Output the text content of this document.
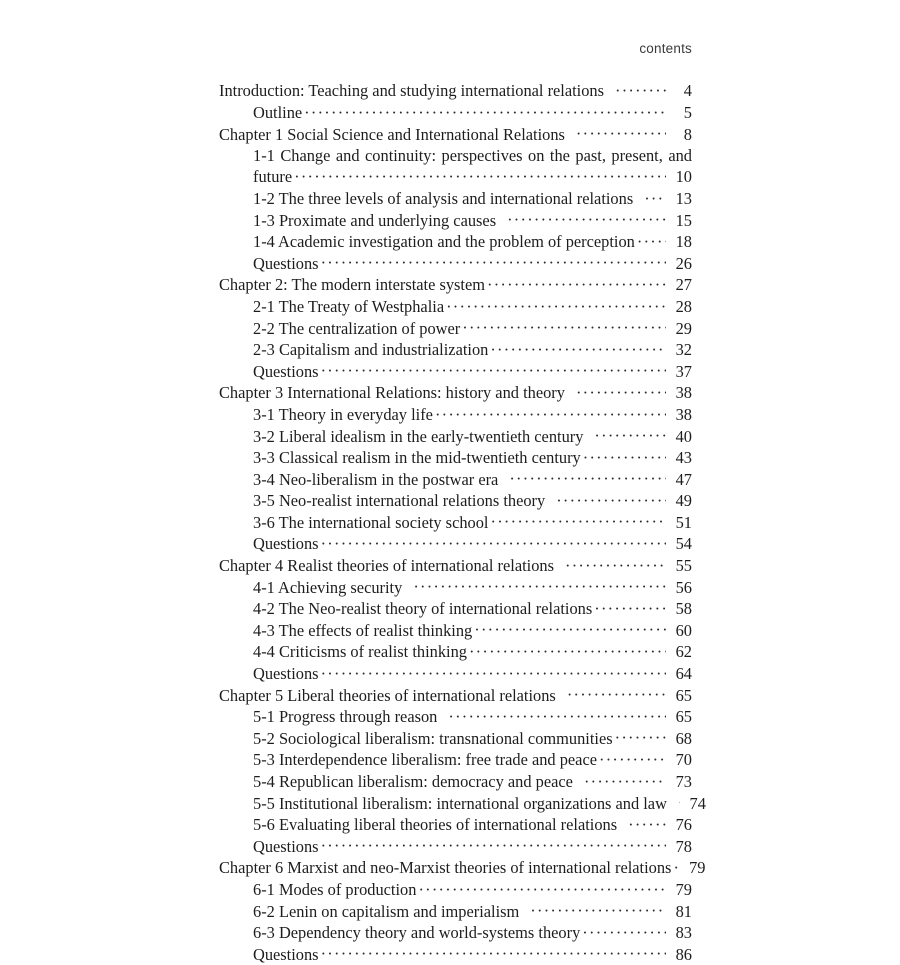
contents
Introduction: Teaching and studying international relations ·····	4
Outline ·····	5
Chapter 1 Social Science and International Relations ·····	8
1-1 Change and continuity: perspectives on the past, present, and
future ·····	10
1-2 The three levels of analysis and international relations ·····	13
1-3 Proximate and underlying causes ·····	15
1-4 Academic investigation and the problem of perception ·····	18
Questions ·····	26
Chapter 2: The modern interstate system ·····	27
2-1 The Treaty of Westphalia ·····	28
2-2 The centralization of power ·····	29
2-3 Capitalism and industrialization ·····	32
Questions ·····	37
Chapter 3 International Relations: history and theory ·····	38
3-1 Theory in everyday life ·····	38
3-2 Liberal idealism in the early-twentieth century ·····	40
3-3 Classical realism in the mid-twentieth century ·····	43
3-4 Neo-liberalism in the postwar era ·····	47
3-5 Neo-realist international relations theory ·····	49
3-6 The international society school ·····	51
Questions ·····	54
Chapter 4 Realist theories of international relations ·····	55
4-1 Achieving security ·····	56
4-2 The Neo-realist theory of international relations ·····	58
4-3 The effects of realist thinking ·····	60
4-4 Criticisms of realist thinking ·····	62
Questions ·····	64
Chapter 5 Liberal theories of international relations ·····	65
5-1 Progress through reason ·····	65
5-2 Sociological liberalism: transnational communities ·····	68
5-3 Interdependence liberalism: free trade and peace ·····	70
5-4 Republican liberalism: democracy and peace ·····	73
5-5 Institutional liberalism: international organizations and law ·····	74
5-6 Evaluating liberal theories of international relations ·····	76
Questions ·····	78
Chapter 6 Marxist and neo-Marxist theories of international relations ·····	79
6-1 Modes of production ·····	79
6-2 Lenin on capitalism and imperialism ·····	81
6-3 Dependency theory and world-systems theory ·····	83
Questions ·····	86
